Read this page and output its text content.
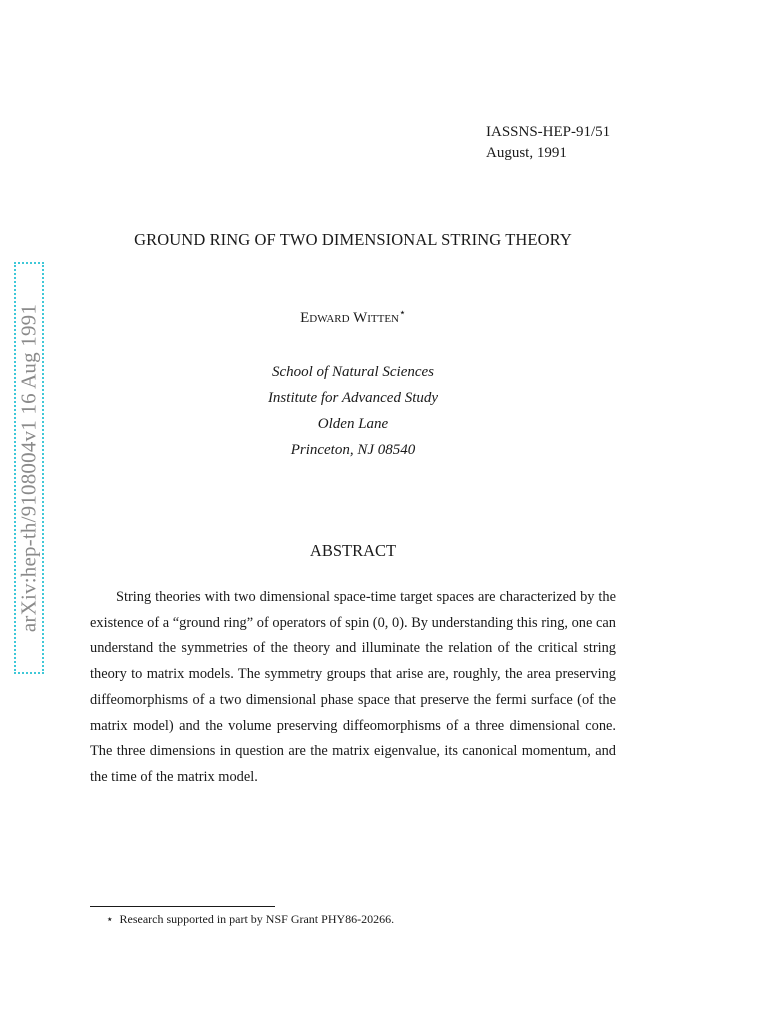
arXiv:hep-th/9108004v1 16 Aug 1991
IASSNS-HEP-91/51
August, 1991
GROUND RING OF TWO DIMENSIONAL STRING THEORY
Edward Witten⋆
School of Natural Sciences
Institute for Advanced Study
Olden Lane
Princeton, NJ 08540
ABSTRACT

String theories with two dimensional space-time target spaces are characterized by the existence of a “ground ring” of operators of spin (0, 0). By understanding this ring, one can understand the symmetries of the theory and illuminate the relation of the critical string theory to matrix models. The symmetry groups that arise are, roughly, the area preserving diffeomorphisms of a two dimensional phase space that preserve the fermi surface (of the matrix model) and the volume preserving diffeomorphisms of a three dimensional cone. The three dimensions in question are the matrix eigenvalue, its canonical momentum, and the time of the matrix model.

⋆ Research supported in part by NSF Grant PHY86-20266.
